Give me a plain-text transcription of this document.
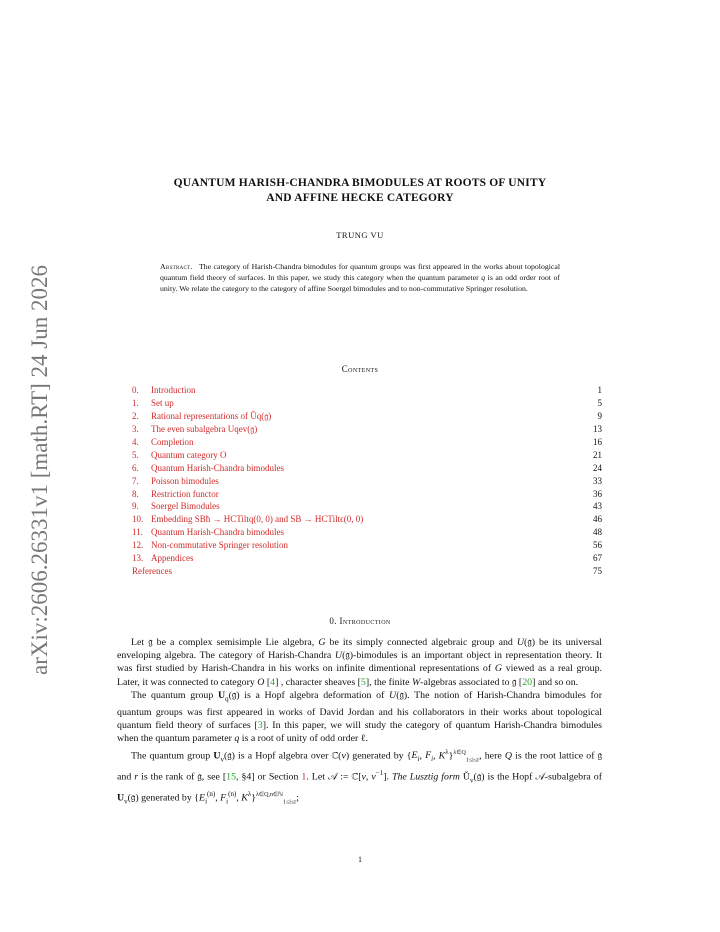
arXiv:2606.26331v1 [math.RT] 24 Jun 2026
QUANTUM HARISH-CHANDRA BIMODULES AT ROOTS OF UNITY
AND AFFINE HECKE CATEGORY
TRUNG VU
Abstract. The category of Harish-Chandra bimodules for quantum groups was first appeared in the works about topological quantum field theory of surfaces. In this paper, we study this category when the quantum parameter q is an odd order root of unity. We relate the category to the category of affine Soergel bimodules and to non-commutative Springer resolution.
Contents
0. Introduction	1
1. Set up	5
2. Rational representations of Ǔq(𝔤)	9
3. The even subalgebra Uqev(𝔤)	13
4. Completion	16
5. Quantum category O	21
6. Quantum Harish-Chandra bimodules	24
7. Poisson bimodules	33
8. Restriction functor	36
9. Soergel Bimodules	43
10. Embedding SBħ → HCTiltq(0, 0) and SB → HCTiltϵ(0, 0)	46
11. Quantum Harish-Chandra bimodules	48
12. Non-commutative Springer resolution	56
13. Appendices	67
References	75
0. Introduction

Let 𝔤 be a complex semisimple Lie algebra, G be its simply connected algebraic group and U(𝔤) be its universal enveloping algebra. The category of Harish-Chandra U(𝔤)-bimodules is an important object in representation theory. It was first studied by Harish-Chandra in his works on infinite dimentional representations of G viewed as a real group. Later, it was connected to category O [4] , character sheaves [5], the finite W-algebras associated to 𝔤 [20] and so on.

The quantum group $U_q(𝔤)$ is a Hopf algebra deformation of U(𝔤). The notion of Harish-Chandra bimodules for quantum groups was first appeared in works of David Jordan and his collaborators in their works about topological quantum field theory of surfaces [3]. In this paper, we will study the category of quantum Harish-Chandra bimodules when the quantum parameter q is a root of unity of odd order ℓ.

The quantum group $U_v(𝔤)$ is a Hopf algebra over ℂ(v) generated by {$E_i$, $F_i$, $K^\lambda\}^{\lambda\in Q}_{1\le i\le r}$, here Q is the root lattice of 𝔤 and r is the rank of 𝔤, see [15, §4] or Section 1. Let 𝒜 := ℂ[v, $v^{-1}$]. The Lusztig form $Ǔ_v(𝔤)$ is the Hopf 𝒜-subalgebra of $U_v(𝔤)$ generated by {$E_i^{(n)}$, $F_i^{(n)}$, $K^\lambda\}^{\lambda\in Q,n\in ℕ}_{1\le i\le r}$;

1
